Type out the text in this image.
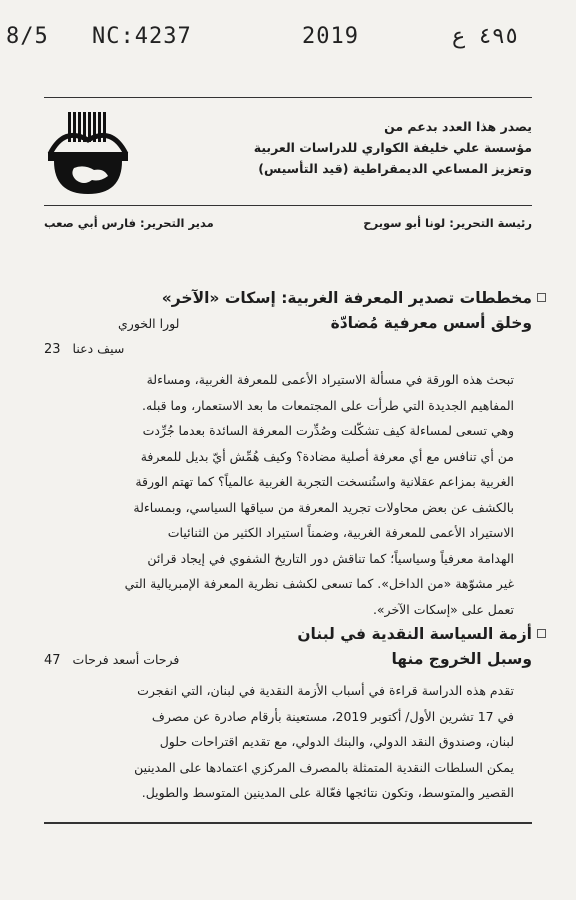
8/5 NC:4237	2019	٤٩٥ ع
يصدر هذا العدد بدعم من
مؤسسة علي خليفة الكواري للدراسات العربية
وتعزيز المساعي الديمقراطية (قيد التأسيس)
رئيسة التحرير: لونا أبو سويرح
مدير التحرير: فارس أبي صعب
مخططات تصدير المعرفة الغربية: إسكات «الآخر»
وخلق أسس معرفية مُضادّة
لورا الخوري
سيف دعنا
23
تبحث هذه الورقة في مسألة الاستيراد الأعمى للمعرفة الغربية، ومساءلة
المفاهيم الجديدة التي طرأت على المجتمعات ما بعد الاستعمار، وما قبله.
وهي تسعى لمساءلة كيف تشكّلت وصُدِّرت المعرفة السائدة بعدما جُرِّدت
من أي تنافس مع أي معرفة أصلية مضادة؟ وكيف هُمِّش أيّ بديل للمعرفة
الغربية بمزاعم عقلانية واستُنسخت التجربة الغربية عالمياً؟ كما تهتم الورقة
بالكشف عن بعض محاولات تجريد المعرفة من سياقها السياسي، وبمساءلة
الاستيراد الأعمى للمعرفة الغربية، وضمناً استيراد الكثير من الثنائيات
الهدامة معرفياً وسياسياً؛ كما تناقش دور التاريخ الشفوي في إيجاد قرائن
غير مشوّهة «من الداخل». كما تسعى لكشف نظرية المعرفة الإمبريالية التي
تعمل على «إسكات الآخر».
أزمة السياسة النقدية في لبنان
وسبل الخروج منها
فرحات أسعد فرحات
47
تقدم هذه الدراسة قراءة في أسباب الأزمة النقدية في لبنان، التي انفجرت
في 17 تشرين الأول/ أكتوبر 2019، مستعينة بأرقام صادرة عن مصرف
لبنان، وصندوق النقد الدولي، والبنك الدولي، مع تقديم اقتراحات حلول
يمكن السلطات النقدية المتمثلة بالمصرف المركزي اعتمادها على المدينين
القصير والمتوسط، وتكون نتائجها فعّالة على المدينين المتوسط والطويل.
